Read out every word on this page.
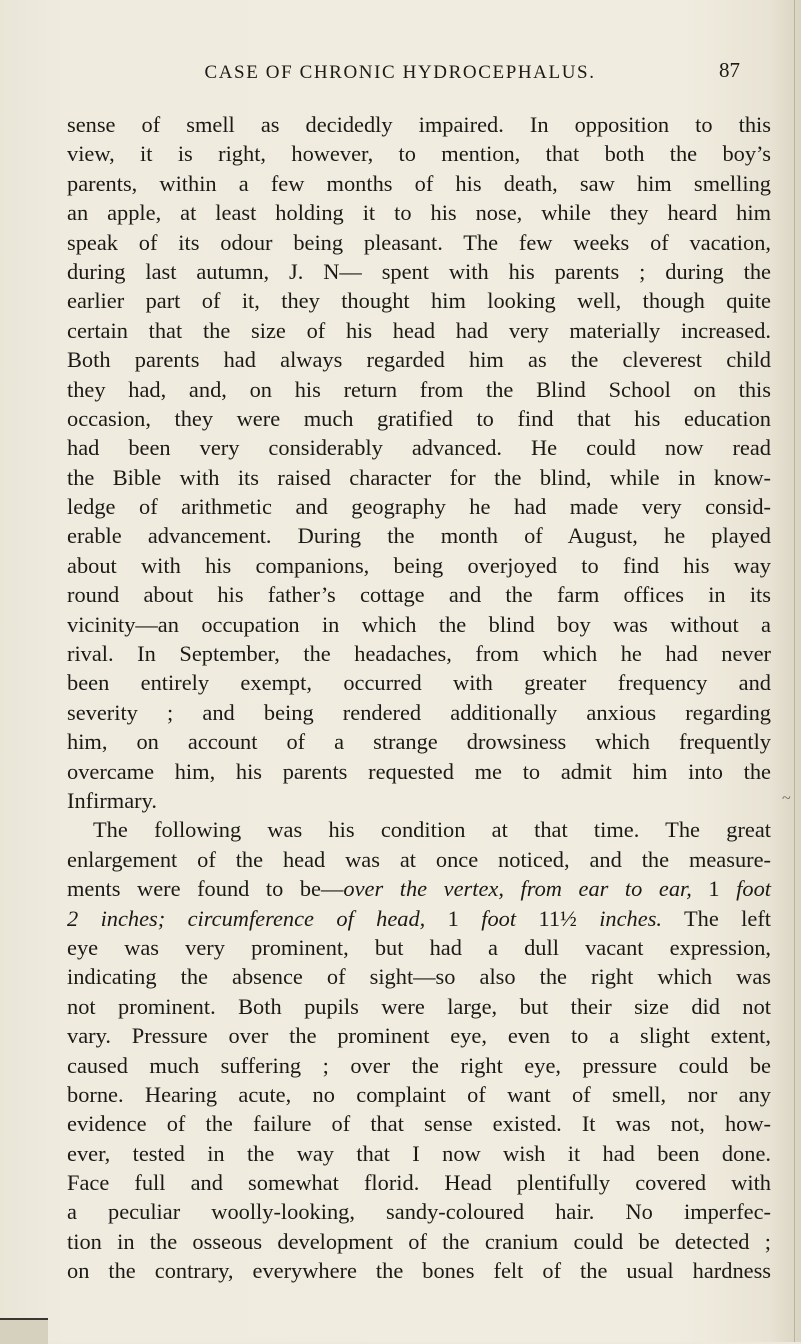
CASE OF CHRONIC HYDROCEPHALUS.	87
sense of smell as decidedly impaired. In opposition to this
view, it is right, however, to mention, that both the boy’s
parents, within a few months of his death, saw him smelling
an apple, at least holding it to his nose, while they heard him
speak of its odour being pleasant. The few weeks of vacation,
during last autumn, J. N— spent with his parents ; during the
earlier part of it, they thought him looking well, though quite
certain that the size of his head had very materially increased.
Both parents had always regarded him as the cleverest child
they had, and, on his return from the Blind School on this
occasion, they were much gratified to find that his education
had been very considerably advanced. He could now read
the Bible with its raised character for the blind, while in know-
ledge of arithmetic and geography he had made very consid-
erable advancement. During the month of August, he played
about with his companions, being overjoyed to find his way
round about his father’s cottage and the farm offices in its
vicinity—an occupation in which the blind boy was without a
rival. In September, the headaches, from which he had never
been entirely exempt, occurred with greater frequency and
severity ; and being rendered additionally anxious regarding
him, on account of a strange drowsiness which frequently
overcame him, his parents requested me to admit him into the
Infirmary.
The following was his condition at that time. The great
enlargement of the head was at once noticed, and the measure-
ments were found to be—over the vertex, from ear to ear, 1 foot
2 inches; circumference of head, 1 foot 11½ inches. The left
eye was very prominent, but had a dull vacant expression,
indicating the absence of sight—so also the right which was
not prominent. Both pupils were large, but their size did not
vary. Pressure over the prominent eye, even to a slight extent,
caused much suffering ; over the right eye, pressure could be
borne. Hearing acute, no complaint of want of smell, nor any
evidence of the failure of that sense existed. It was not, how-
ever, tested in the way that I now wish it had been done.
Face full and somewhat florid. Head plentifully covered with
a peculiar woolly-looking, sandy-coloured hair. No imperfec-
tion in the osseous development of the cranium could be detected ;
on the contrary, everywhere the bones felt of the usual hardness
~
